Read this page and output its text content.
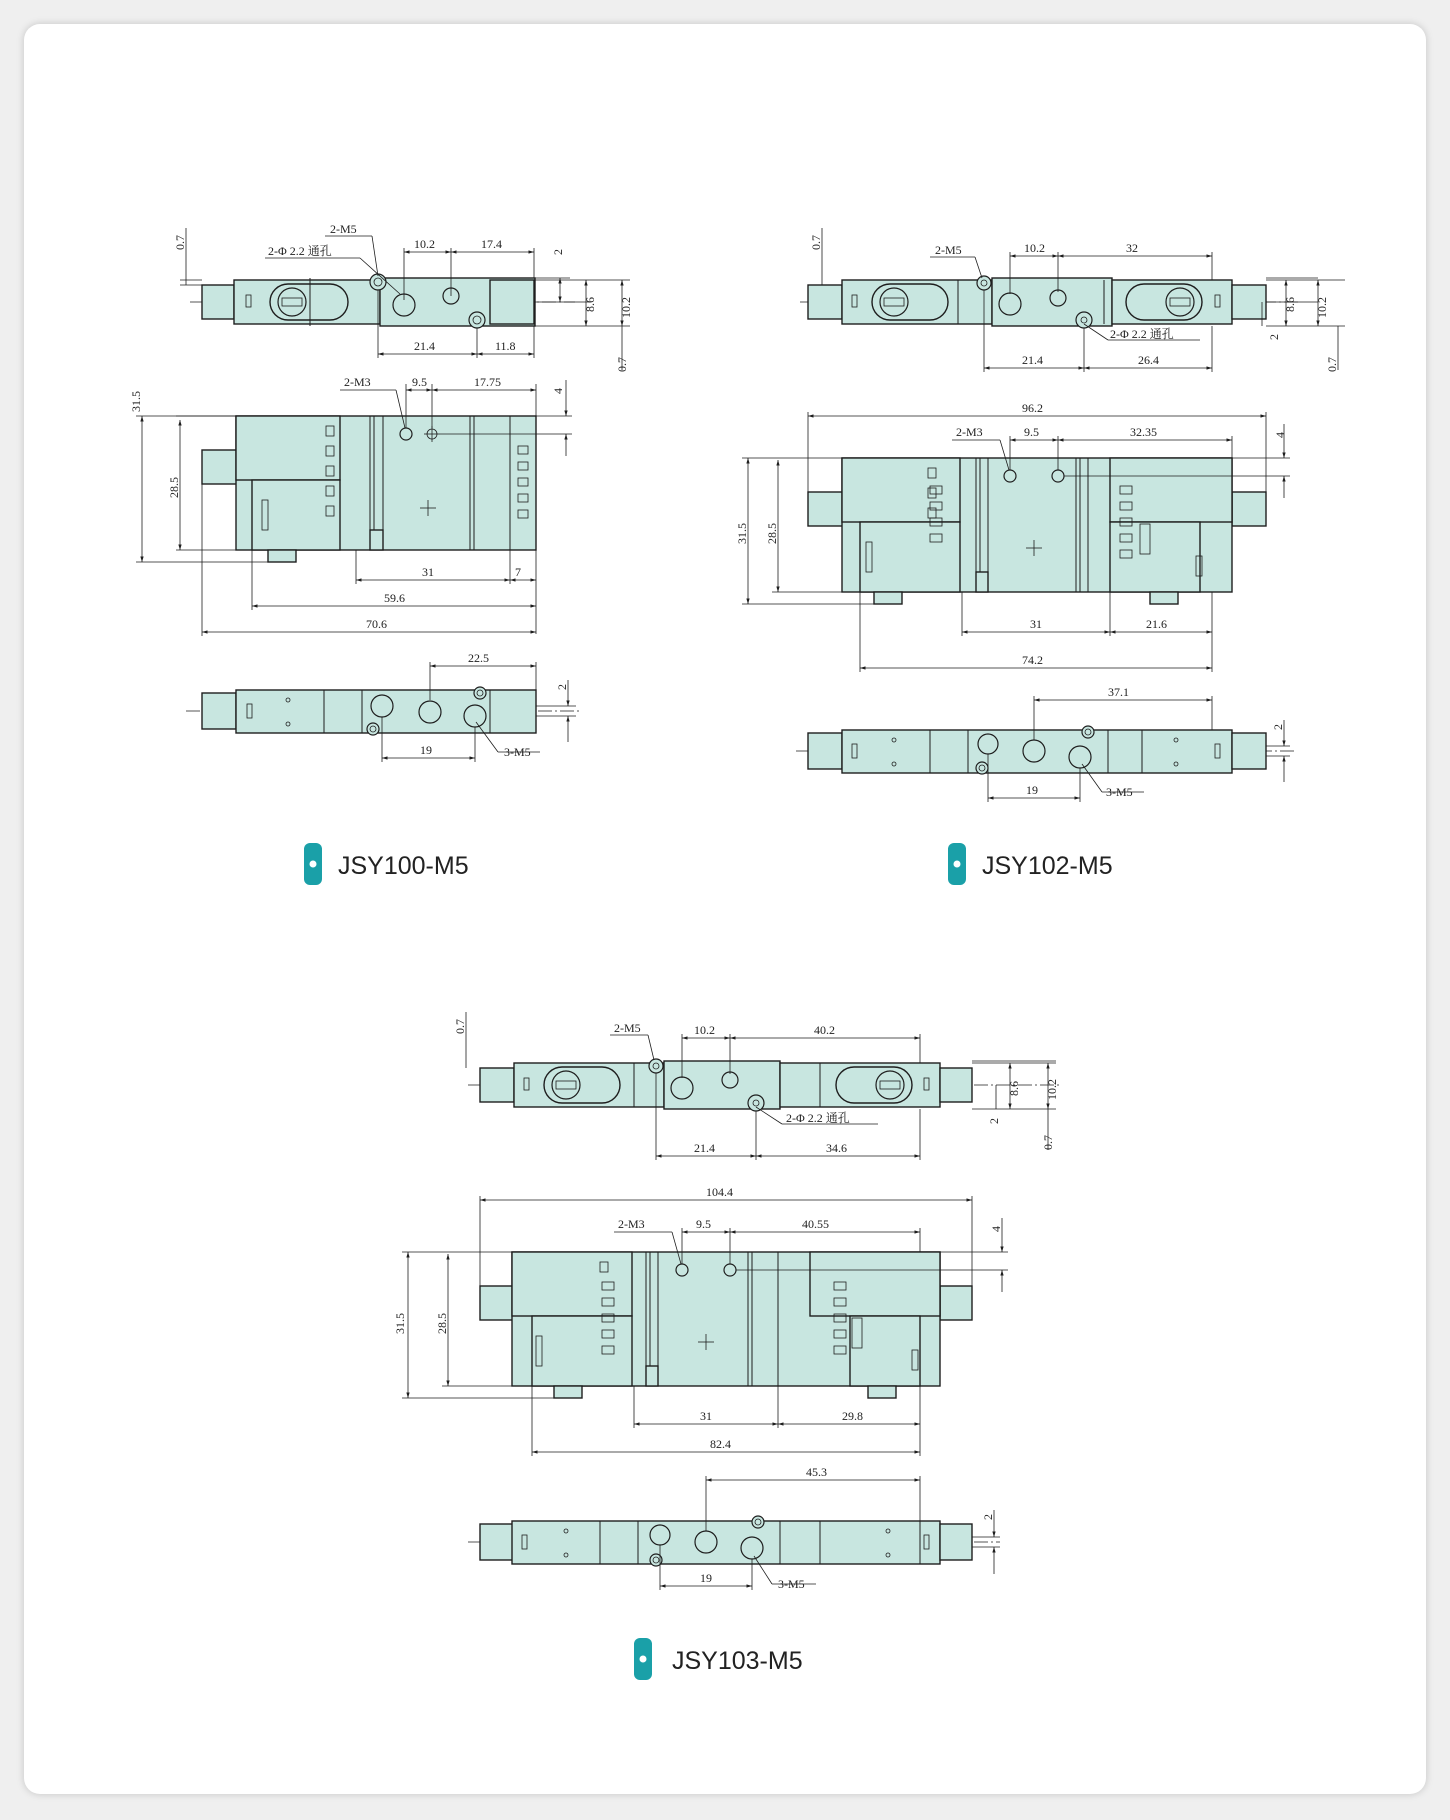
0.7
2-M5
2-Φ 2.2 通孔	10.2	17.4
2
8.6 10.2
0.7
21.4	11.8
31.5
28.5
2-M3	9.5	17.75
4
31	7
59.6
70.6
22.5
2
19	3-M5
JSY100-M5
0.7	2-M5	10.2	32
8.6 10.2
2
0.7
2-Φ 2.2 通孔
21.4	26.4
96.2
2-M3	9.5	32.35	4
31.5 28.5
31	21.6
74.2
37.1
2
19	3-M5
JSY102-M5
0.7	2-M5	10.2	40.2
8.6 10.2
2
0.7
2-Φ 2.2 通孔
21.4	34.6
104.4
2-M3	9.5	40.55	4
31.5 28.5
31	29.8
82.4
45.3
2
19	3-M5
JSY103-M5
